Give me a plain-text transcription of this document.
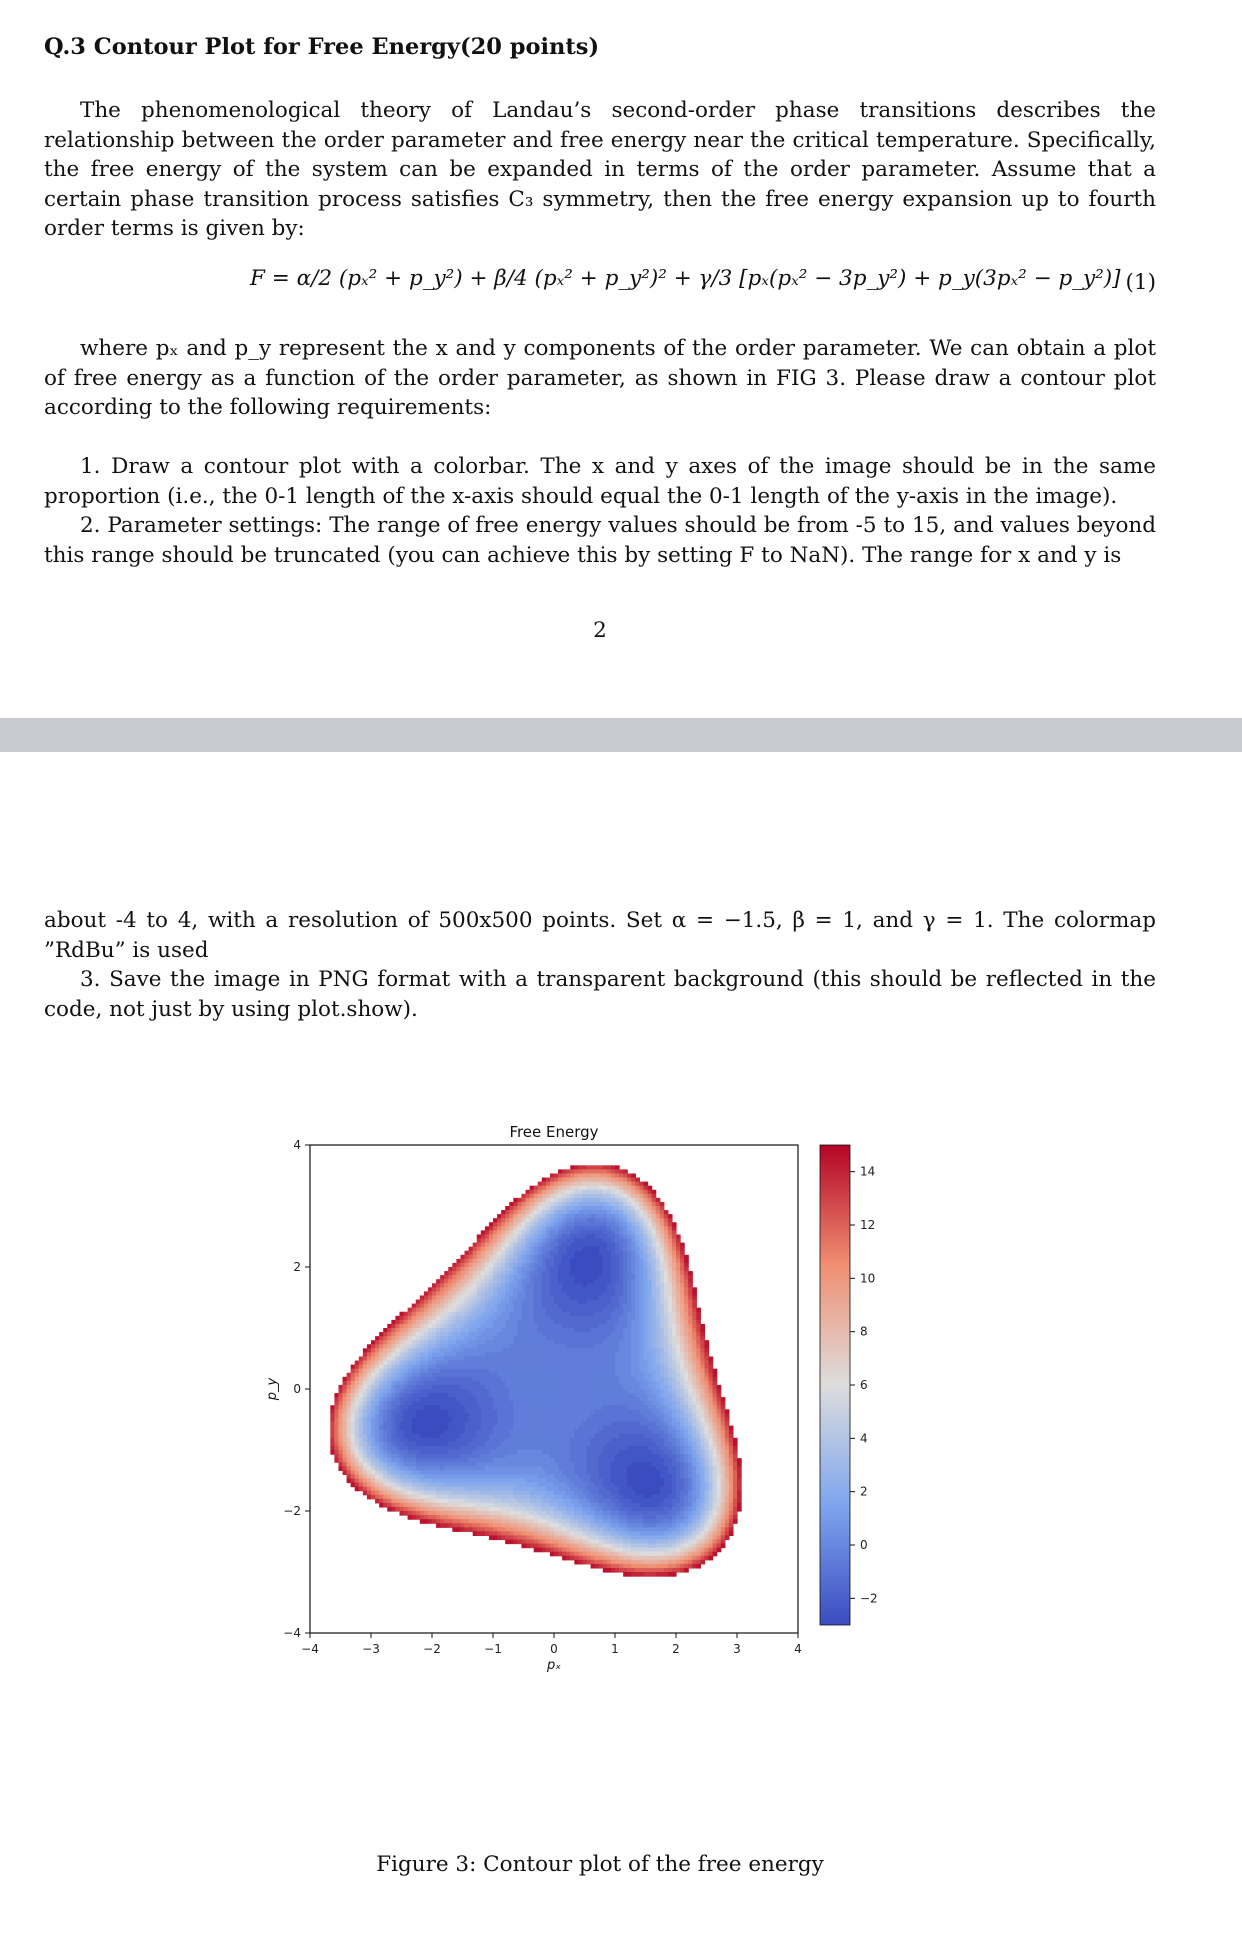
Q.3 Contour Plot for Free Energy(20 points)

The phenomenological theory of Landau’s second-order phase transitions describes the relationship between the order parameter and free energy near the critical temperature. Specifically, the free energy of the system can be expanded in terms of the order parameter. Assume that a certain phase transition process satisfies C₃ symmetry, then the free energy expansion up to fourth order terms is given by:

F = α/2 (pₓ² + p_y²) + β/4 (pₓ² + p_y²)² + γ/3 [pₓ(pₓ² − 3p_y²) + p_y(3pₓ² − p_y²)] (1)

where pₓ and p_y represent the x and y components of the order parameter. We can obtain a plot of free energy as a function of the order parameter, as shown in FIG 3. Please draw a contour plot according to the following requirements:

1. Draw a contour plot with a colorbar. The x and y axes of the image should be in the same proportion (i.e., the 0-1 length of the x-axis should equal the 0-1 length of the y-axis in the image).

2. Parameter settings: The range of free energy values should be from -5 to 15, and values beyond this range should be truncated (you can achieve this by setting F to NaN). The range for x and y is

2

about -4 to 4, with a resolution of 500x500 points. Set α = −1.5, β = 1, and γ = 1. The colormap ”RdBu” is used

3. Save the image in PNG format with a transparent background (this should be reflected in the code, not just by using plot.show).

Free Energy
−4	−3	−2	−1	0	1	2	3	4
4
2
0
−2
−4
pₓ
p_y
14
12
10
8
6
4
2
0
−2
Figure 3: Contour plot of the free energy
